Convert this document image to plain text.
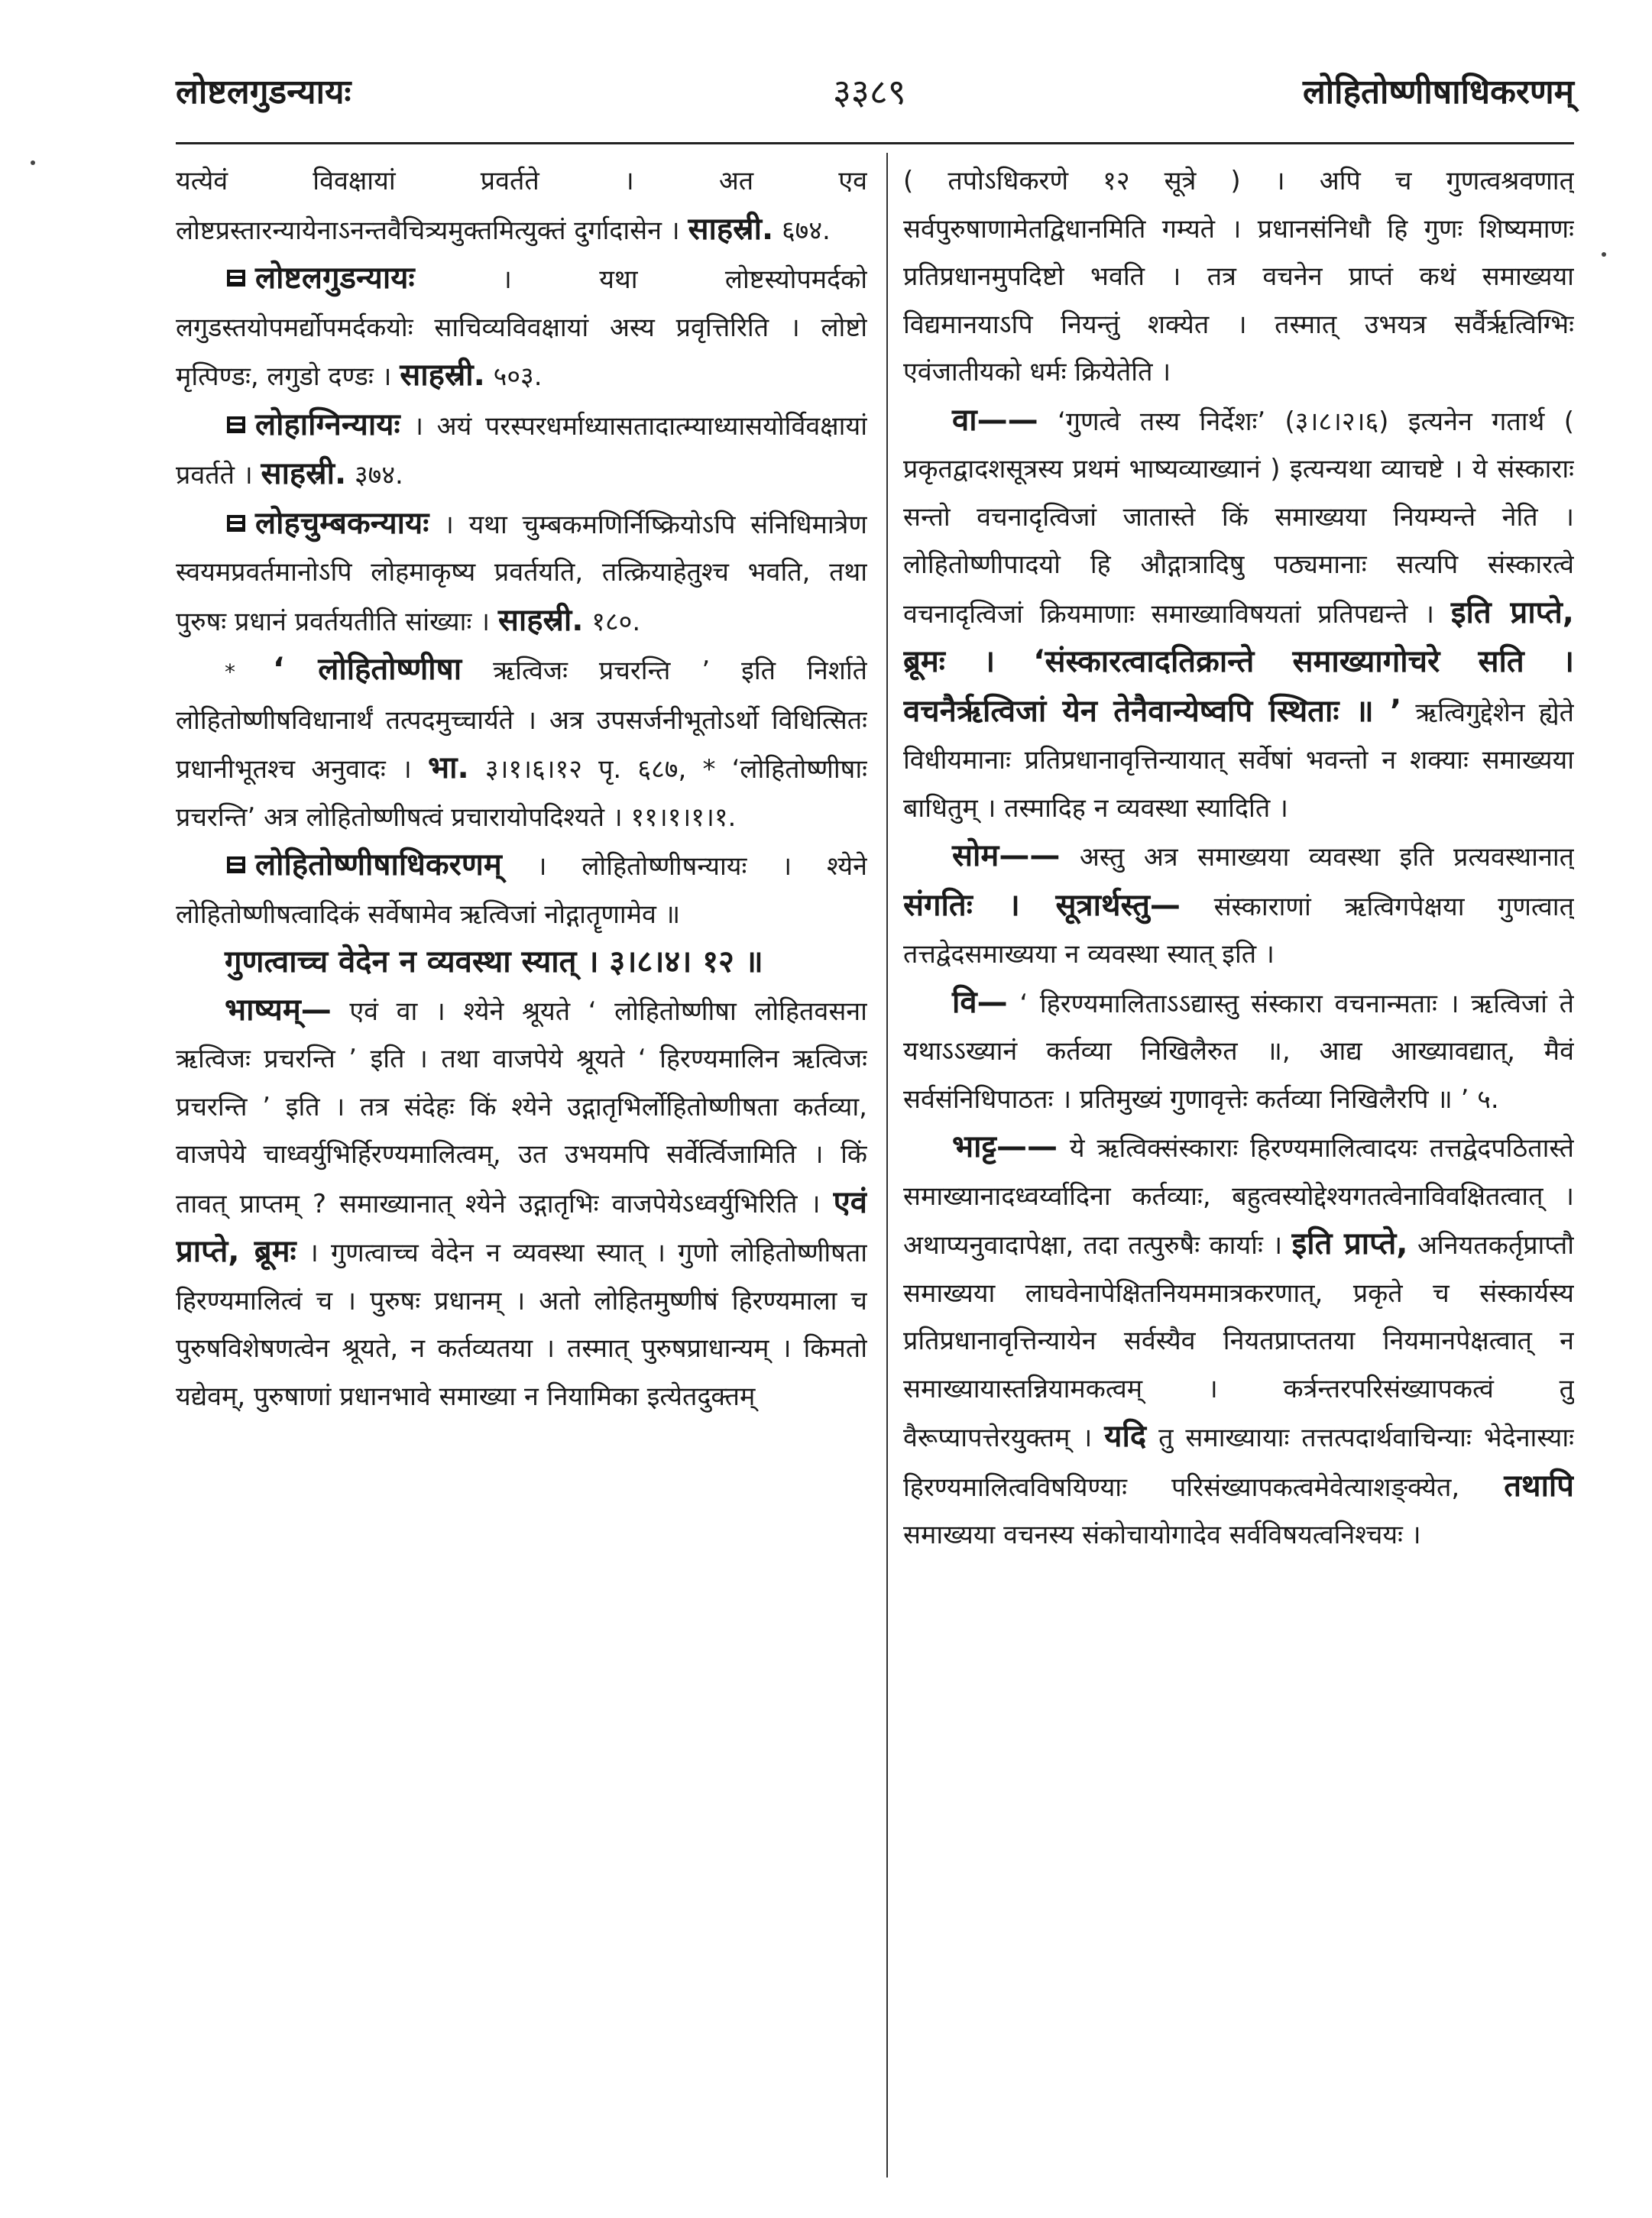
लोष्टलगुडन्यायः	३३८९	लोहितोष्णीषाधिकरणम्

यत्येवं विवक्षायां प्रवर्तते । अत एव लोष्टप्रस्तारन्यायेनाऽनन्तवैचित्र्यमुक्तमित्युक्तं दुर्गादासेन । साहस्री. ६७४.

लोष्टलगुडन्यायः	। यथा लोष्टस्योपमर्दको लगुडस्तयोपमर्द्योपमर्दकयोः साचिव्यविवक्षायां अस्य प्रवृत्तिरिति । लोष्टो मृत्पिण्डः, लगुडो दण्डः । साहस्री. ५०३.

लोहाग्निन्यायः । अयं परस्परधर्माध्यासतादात्म्याध्यासयोर्विवक्षायां प्रवर्तते । साहस्री. ३७४.

लोहचुम्बकन्यायः । यथा चुम्बकमणिर्निष्क्रियोऽपि संनिधिमात्रेण स्वयमप्रवर्तमानोऽपि लोहमाकृष्य प्रवर्तयति, तत्क्रियाहेतुश्च भवति, तथा पुरुषः प्रधानं प्रवर्तयतीति सांख्याः । साहस्री. १८०.

* ‘ लोहितोष्णीषा ऋत्विजः प्रचरन्ति ’ इति निर्शाते लोहितोष्णीषविधानार्थं तत्पदमुच्चार्यते । अत्र उपसर्जनीभूतोऽर्थो विधित्सितः प्रधानीभूतश्च अनुवादः । भा. ३।१।६।१२ पृ. ६८७, * ‘लोहितोष्णीषाः प्रचरन्ति’ अत्र लोहितोष्णीषत्वं प्रचारायोपदिश्यते । ११।१।१।१.

लोहितोष्णीषाधिकरणम् । लोहितोष्णीषन्यायः । श्येने लोहितोष्णीषत्वादिकं सर्वेषामेव ऋत्विजां नोद्गातॄणामेव ॥

गुणत्वाच्च वेदेन न व्यवस्था स्यात् । ३।८।४। १२ ॥

भाष्यम्— एवं वा । श्येने श्रूयते ‘ लोहितोष्णीषा लोहितवसना ऋत्विजः प्रचरन्ति ’ इति । तथा वाजपेये श्रूयते ‘ हिरण्यमालिन ऋत्विजः प्रचरन्ति ’ इति । तत्र संदेहः किं श्येने उद्गातृभिर्लोहितोष्णीषता कर्तव्या, वाजपेये चाध्वर्युभिर्हिरण्यमालित्वम्, उत उभयमपि सर्वेर्त्विजामिति । किं तावत् प्राप्तम् ? समाख्यानात् श्येने उद्गातृभिः वाजपेयेऽध्वर्युभिरिति । एवं प्राप्ते, ब्रूमः । गुणत्वाच्च वेदेन न व्यवस्था स्यात् । गुणो लोहितोष्णीषता हिरण्यमालित्वं च । पुरुषः प्रधानम् । अतो लोहितमुष्णीषं हिरण्यमाला च पुरुषविशेषणत्वेन श्रूयते, न कर्तव्यतया । तस्मात् पुरुषप्राधान्यम् । किमतो यद्येवम्, पुरुषाणां प्रधानभावे समाख्या न नियामिका इत्येतदुक्तम्

( तपोऽधिकरणे १२ सूत्रे ) । अपि च गुणत्वश्रवणात् सर्वपुरुषाणामेतद्विधानमिति गम्यते । प्रधानसंनिधौ हि गुणः शिष्यमाणः प्रतिप्रधानमुपदिष्टो भवति । तत्र वचनेन प्राप्तं कथं समाख्यया विद्यमानयाऽपि नियन्तुं शक्येत । तस्मात् उभयत्र सर्वैर्ऋत्विग्भिः एवंजातीयको धर्मः क्रियेतेति ।

वा—— ‘गुणत्वे तस्य निर्देशः’ (३।८।२।६) इत्यनेन गतार्थ ( प्रकृतद्वादशसूत्रस्य प्रथमं भाष्यव्याख्यानं ) इत्यन्यथा व्याचष्टे । ये संस्काराः सन्तो वचनादृत्विजां जातास्ते किं समाख्यया नियम्यन्ते नेति । लोहितोष्णीपादयो हि औद्गात्रादिषु पठ्यमानाः सत्यपि संस्कारत्वे वचनादृत्विजां क्रियमाणाः समाख्याविषयतां प्रतिपद्यन्ते । इति प्राप्ते, ब्रूमः । ‘संस्कारत्वादतिक्रान्ते समाख्यागोचरे सति । वचनैर्ऋत्विजां येन तेनैवान्येष्वपि स्थिताः ॥ ’ ऋत्विगुद्देशेन ह्येते विधीयमानाः प्रतिप्रधानावृत्तिन्यायात् सर्वेषां भवन्तो न शक्याः समाख्यया बाधितुम् । तस्मादिह न व्यवस्था स्यादिति ।

सोम—— अस्तु अत्र समाख्यया व्यवस्था इति प्रत्यवस्थानात् संगतिः । सूत्रार्थस्तु— संस्काराणां ऋत्विगपेक्षया गुणत्वात् तत्तद्वेदसमाख्यया न व्यवस्था स्यात् इति ।

वि— ‘ हिरण्यमालिताऽऽद्यास्तु संस्कारा वचनान्मताः । ऋत्विजां ते यथाऽऽख्यानं कर्तव्या निखिलैरुत ॥, आद्य आख्यावद्यात्, मैवं सर्वसंनिधिपाठतः । प्रतिमुख्यं गुणावृत्तेः कर्तव्या निखिलैरपि ॥ ’ ५.

भाट्ट—— ये ऋत्विक्संस्काराः हिरण्यमालित्वादयः तत्तद्वेदपठितास्ते समाख्यानादध्वर्य्वादिना कर्तव्याः, बहुत्वस्योद्देश्यगतत्वेनाविवक्षितत्वात् । अथाप्यनुवादापेक्षा, तदा तत्पुरुषैः कार्याः । इति प्राप्ते, अनियतकर्तृप्राप्तौ समाख्यया लाघवेनापेक्षितनियममात्रकरणात्, प्रकृते च संस्कार्यस्य प्रतिप्रधानावृत्तिन्यायेन सर्वस्यैव नियतप्राप्ततया नियमानपेक्षत्वात् न समाख्यायास्तन्नियामकत्वम् । कर्त्रन्तरपरिसंख्यापकत्वं तु वैरूप्यापत्तेरयुक्तम् । यदि तु समाख्यायाः तत्तत्पदार्थवाचिन्याः भेदेनास्याः हिरण्यमालित्वविषयिण्याः परिसंख्यापकत्वमेवेत्याशङ्क्येत, तथापि समाख्यया वचनस्य संकोचायोगादेव सर्वविषयत्वनिश्चयः ।
